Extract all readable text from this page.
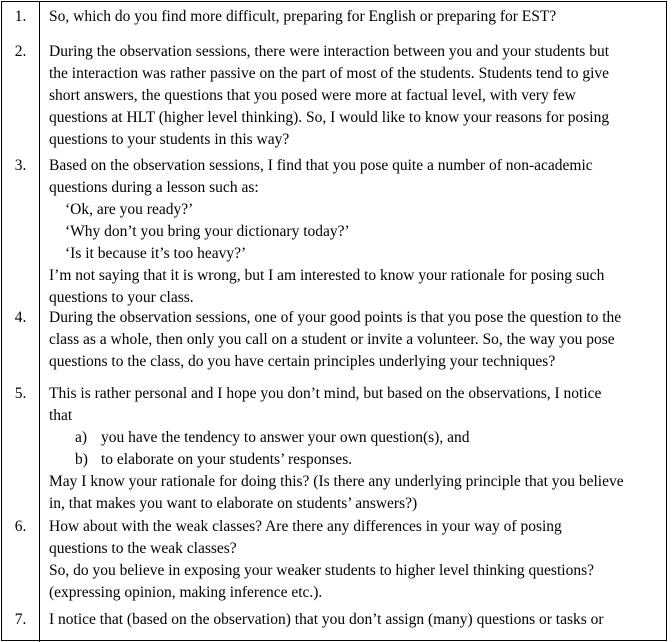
1.	So, which do you find more difficult, preparing for English or preparing for EST?
2.	During the observation sessions, there were interaction between you and your students but
the interaction was rather passive on the part of most of the students. Students tend to give
short answers, the questions that you posed were more at factual level, with very few
questions at HLT (higher level thinking). So, I would like to know your reasons for posing
questions to your students in this way?
3.	Based on the observation sessions, I find that you pose quite a number of non-academic
questions during a lesson such as:
‘Ok, are you ready?’
‘Why don’t you bring your dictionary today?’
‘Is it because it’s too heavy?’
I’m not saying that it is wrong, but I am interested to know your rationale for posing such
questions to your class.
4.	During the observation sessions, one of your good points is that you pose the question to the
class as a whole, then only you call on a student or invite a volunteer. So, the way you pose
questions to the class, do you have certain principles underlying your techniques?
5.	This is rather personal and I hope you don’t mind, but based on the observations, I notice
that
a) you have the tendency to answer your own question(s), and
b) to elaborate on your students’ responses.
May I know your rationale for doing this? (Is there any underlying principle that you believe
in, that makes you want to elaborate on students’ answers?)
6.	How about with the weak classes? Are there any differences in your way of posing
questions to the weak classes?
So, do you believe in exposing your weaker students to higher level thinking questions?
(expressing opinion, making inference etc.).
7.	I notice that (based on the observation) that you don’t assign (many) questions or tasks or
